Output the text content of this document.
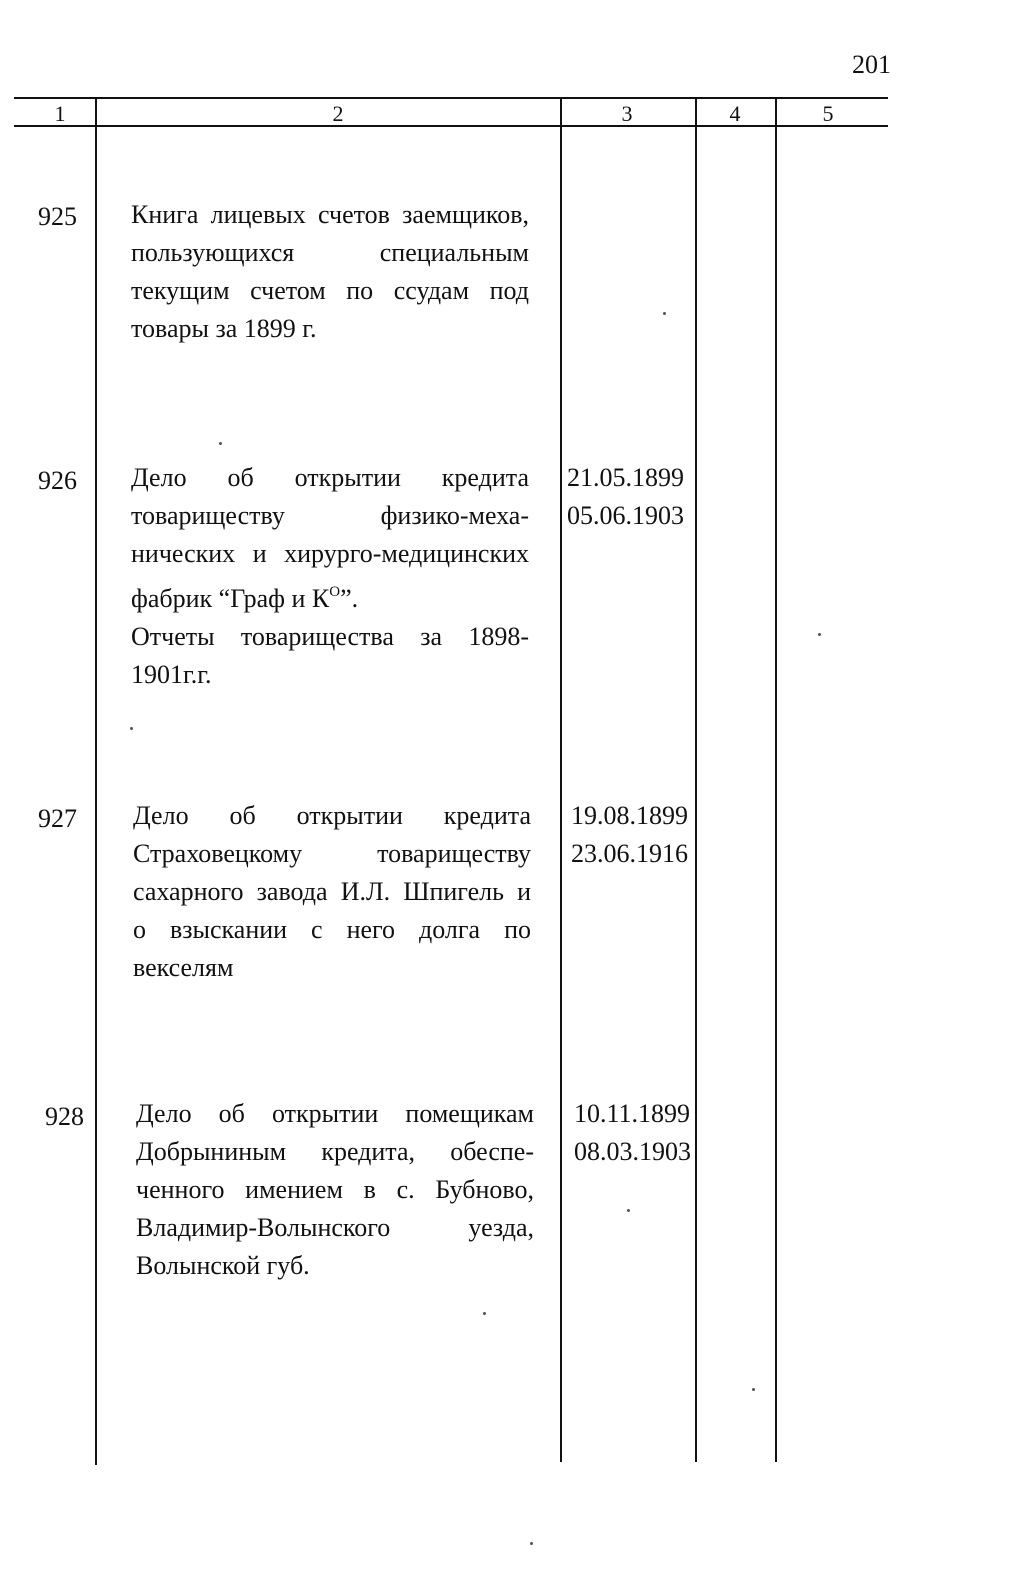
201
1	2	3	4	5
925 Книга лицевых счетов заемщиков,
пользующихся специальным
текущим счетом по ссудам под
товары за 1899 г.
926 Дело об открытии кредита
товариществу физико-меха-
нических и хирурго-медицинских
фабрик “Граф и $К^О$”.
Отчеты товарищества за 1898-
1901г.г.
21.05.1899
05.06.1903
927 Дело об открытии кредита
Страховецкому товариществу
сахарного завода И.Л. Шпигель и
о взыскании с него долга по
векселям
19.08.1899
23.06.1916
928 Дело об открытии помещикам
Добрыниным кредита, обеспе-
ченного имением в с. Бубново,
Владимир-Волынского уезда,
Волынской губ.
10.11.1899
08.03.1903
